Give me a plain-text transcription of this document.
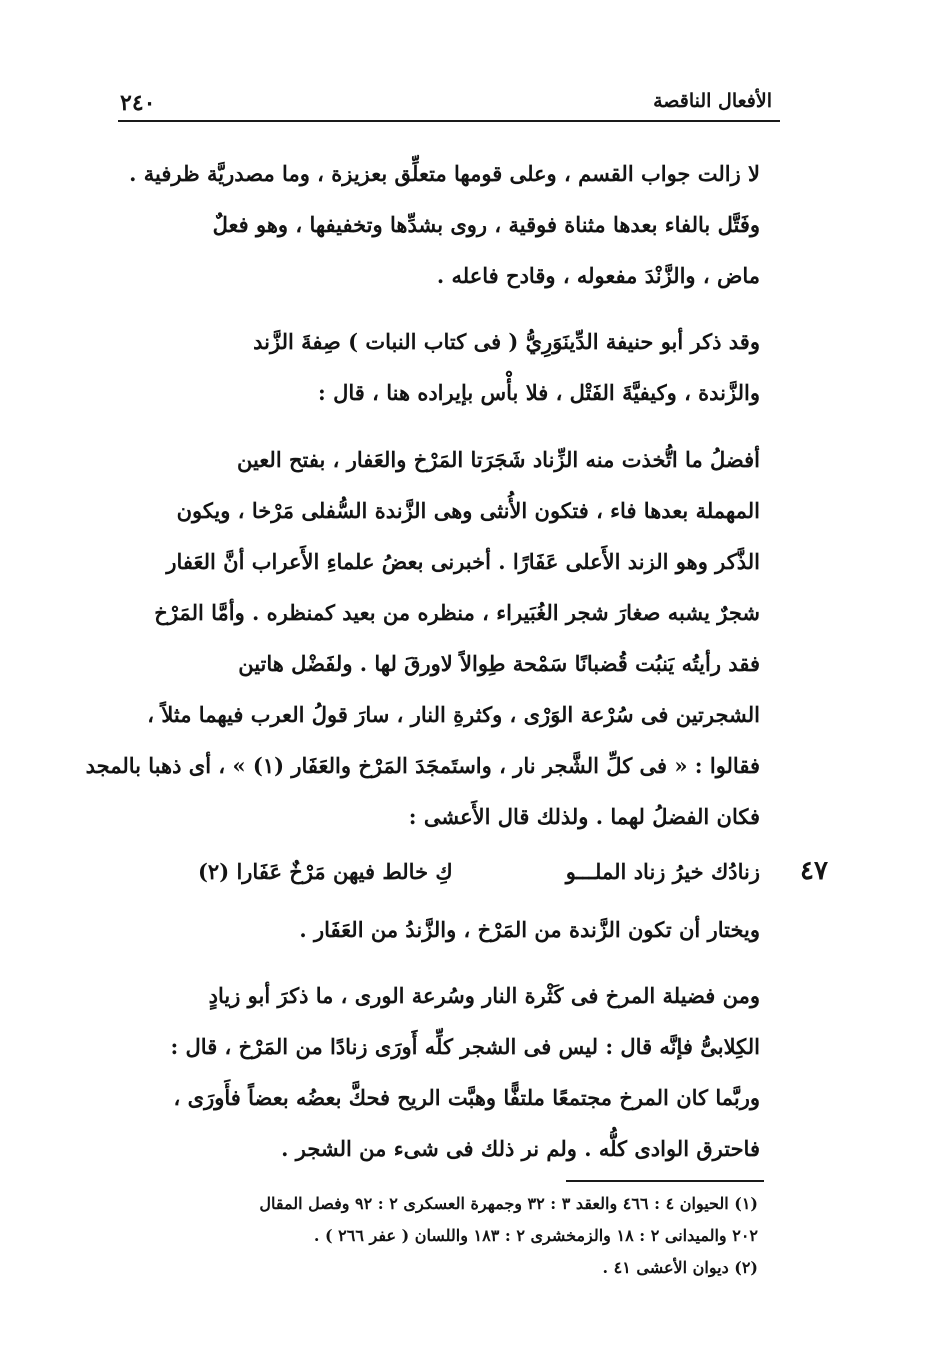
٢٤٠	الأفعال الناقصة
لا زالت جواب القسم ، وعلى قومها متعلِّق بعزيزة ، وما مصدريَّة ظرفية .
وفَتَّل بالفاء بعدها مثناة فوقية ، روى بشدِّها وتخفيفها ، وهو فعلٌ
ماض ، والزَّنْدَ مفعوله ، وقادح فاعله .
وقد ذكر أبو حنيفة الدِّينَوَرِيُّ ( فى كتاب النبات ) صِفةَ الزَّند
والزَّندة ، وكيفيَّةَ الفَتْل ، فلا بأْس بإيراده هنا ، قال :
أفضلُ ما اتُّخذت منه الزِّناد شَجَرَتا المَرْخ والعَفار ، بفتح العين
المهملة بعدها فاء ، فتكون الأُنثى وهى الزَّندة السُّفلى مَرْخا ، ويكون
الذَّكر وهو الزند الأَعلى عَفَارًا . أخبرنى بعضُ علماءِ الأَعراب أنَّ العَفار
شجرٌ يشبه صغارَ شجر الغُبَيراء ، منظره من بعيد كمنظره . وأمَّا المَرْخ
فقد رأيتُه يَنبُت قُضبانًا سَمْحة طِوالاً لاورقَ لها . ولفَضْل هاتين
الشجرتين فى سُرْعة الوَرْى ، وكثرةِ النار ، سارَ قولُ العرب فيهما مثلاً ،
فقالوا : « فى كلِّ الشَّجر نار ، واستَمجَدَ المَرْخ والعَفَار (١) » ، أى ذهبا بالمجد
فكان الفضلُ لهما . ولذلك قال الأَعشى :
زنادُك خيرُ زناد الملـــو كِ خالط فيهن مَرْخٌ عَفَارا (٢)	٤٧
ويختار أن تكون الزَّندة من المَرْخ ، والزَّندُ من العَفَار .
ومن فضيلة المرخ فى كَثْرة النار وسُرعة الورى ، ما ذكرَ أبو زيادٍ
الكِلابىُّ فإنَّه قال : ليس فى الشجر كلِّه أَورَى زنادًا من المَرْخ ، قال :
وربَّما كان المرخ مجتمعًا ملتفًّا وهبَّت الريح فحكَّ بعضُه بعضاً فأَورَى ،
فاحترق الوادى كلُّه . ولم نر ذلك فى شىء من الشجر .
(١) الحيوان ٤ : ٤٦٦ والعقد ٣ : ٣٢ وجمهرة العسكرى ٢ : ٩٢ وفصل المقال
٢٠٢ والميدانى ٢ : ١٨ والزمخشرى ٢ : ١٨٣ واللسان ( عفر ٢٦٦ ) .
(٢) ديوان الأعشى ٤١ .
